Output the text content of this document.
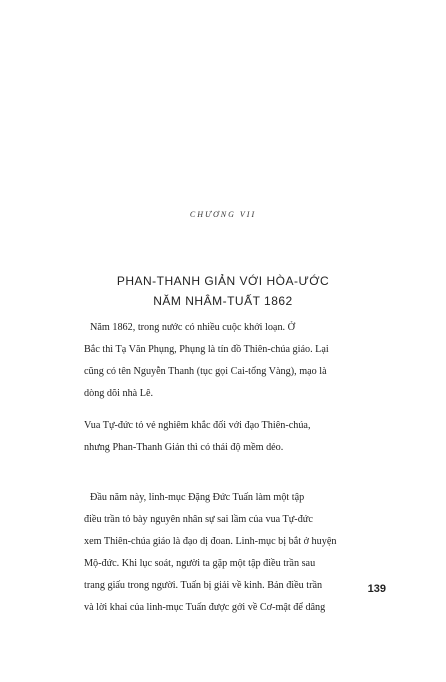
CHƯƠNG VII
PHAN-THANH GIẢN VỚI HÒA-ƯỚC
NĂM NHÂM-TUẤT 1862
Năm 1862, trong nước có nhiều cuộc khởi loạn. Ở
Bắc thì Tạ Văn Phụng, Phụng là tín đồ Thiên-chúa giáo. Lại
cũng có tên Nguyễn Thanh (tục gọi Cai-tổng Vàng), mạo là
dòng dõi nhà Lê.
Vua Tự-đức tỏ vẻ nghiêm khắc đối với đạo Thiên-chúa,
nhưng Phan-Thanh Giản thì có thái độ mềm dẻo.
Đầu năm này, linh-mục Đặng Đức Tuấn làm một tập
điều trần tỏ bày nguyên nhân sự sai lầm của vua Tự-đức
xem Thiên-chúa giáo là đạo dị đoan. Linh-mục bị bắt ở huyện
Mộ-đức. Khi lục soát, người ta gặp một tập điều trần sau
trang giấu trong người. Tuấn bị giải về kinh. Bản điều trần
và lời khai của linh-mục Tuấn được gởi về Cơ-mật để dâng
139
